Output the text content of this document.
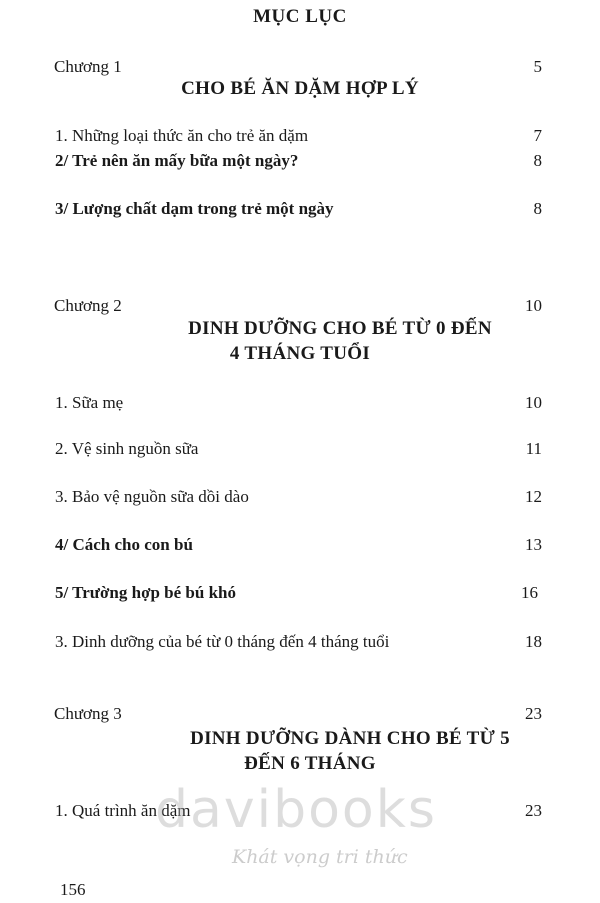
MỤC LỤC
Chương 1	5
CHO BÉ ĂN DẶM HỢP LÝ
1. Những loại thức ăn cho trẻ ăn dặm	7
2/ Trẻ nên ăn mấy bữa một ngày?	8
3/ Lượng chất dạm trong trẻ một ngày	8
Chương 2	10
DINH DƯỠNG CHO BÉ TỪ 0 ĐẾN
4 THÁNG TUỔI
1. Sữa mẹ	10
2. Vệ sinh nguồn sữa	11
3. Bảo vệ nguồn sữa dồi dào	12
4/ Cách cho con bú	13
5/ Trường hợp bé bú khó	16
3. Dinh dưỡng của bé từ 0 tháng đến 4 tháng tuổi	18
Chương 3	23
DINH DƯỠNG DÀNH CHO BÉ TỪ 5
ĐẾN 6 THÁNG
1. Quá trình ăn dặm	23
davibooks
Khát vọng tri thức
156
